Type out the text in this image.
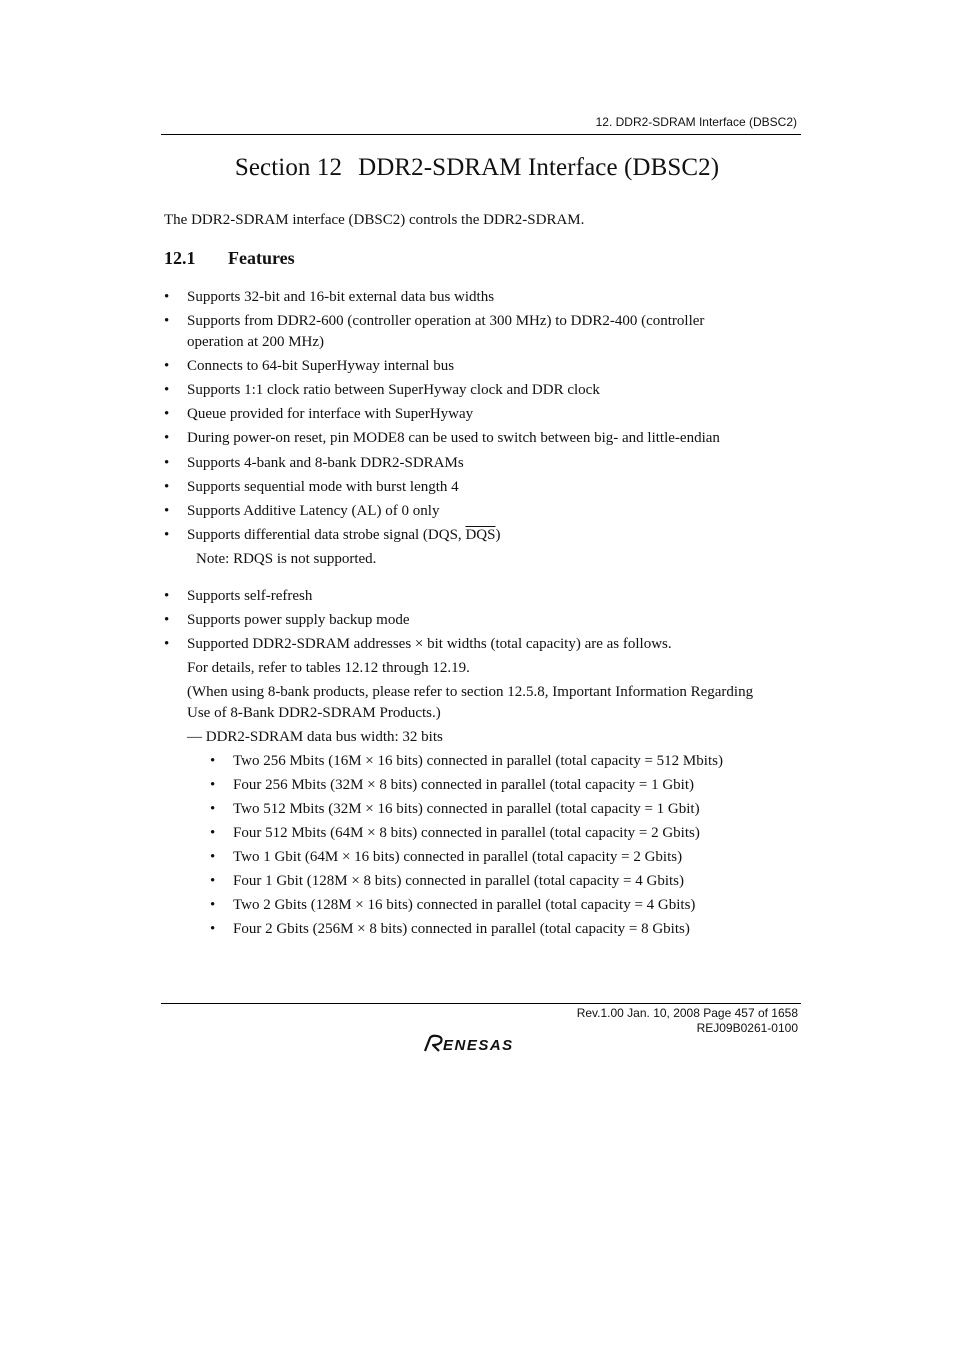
12. DDR2-SDRAM Interface (DBSC2)
Section 12 DDR2-SDRAM Interface (DBSC2)
The DDR2-SDRAM interface (DBSC2) controls the DDR2-SDRAM.
12.1 Features
• Supports 32-bit and 16-bit external data bus widths
• Supports from DDR2-600 (controller operation at 300 MHz) to DDR2-400 (controller
operation at 200 MHz)
• Connects to 64-bit SuperHyway internal bus
• Supports 1:1 clock ratio between SuperHyway clock and DDR clock
• Queue provided for interface with SuperHyway
• During power-on reset, pin MODE8 can be used to switch between big- and little-endian
• Supports 4-bank and 8-bank DDR2-SDRAMs
• Supports sequential mode with burst length 4
• Supports Additive Latency (AL) of 0 only
• Supports differential data strobe signal (DQS, $\overline{DQS}$)
Note: RDQS is not supported.
• Supports self-refresh
• Supports power supply backup mode
• Supported DDR2-SDRAM addresses × bit widths (total capacity) are as follows.
For details, refer to tables 12.12 through 12.19.
(When using 8-bank products, please refer to section 12.5.8, Important Information Regarding
Use of 8-Bank DDR2-SDRAM Products.)
— DDR2-SDRAM data bus width: 32 bits
• Two 256 Mbits (16M × 16 bits) connected in parallel (total capacity = 512 Mbits)
• Four 256 Mbits (32M × 8 bits) connected in parallel (total capacity = 1 Gbit)
• Two 512 Mbits (32M × 16 bits) connected in parallel (total capacity = 1 Gbit)
• Four 512 Mbits (64M × 8 bits) connected in parallel (total capacity = 2 Gbits)
• Two 1 Gbit (64M × 16 bits) connected in parallel (total capacity = 2 Gbits)
• Four 1 Gbit (128M × 8 bits) connected in parallel (total capacity = 4 Gbits)
• Two 2 Gbits (128M × 16 bits) connected in parallel (total capacity = 4 Gbits)
• Four 2 Gbits (256M × 8 bits) connected in parallel (total capacity = 8 Gbits)
Rev.1.00 Jan. 10, 2008 Page 457 of 1658
REJ09B0261-0100
ENESAS
